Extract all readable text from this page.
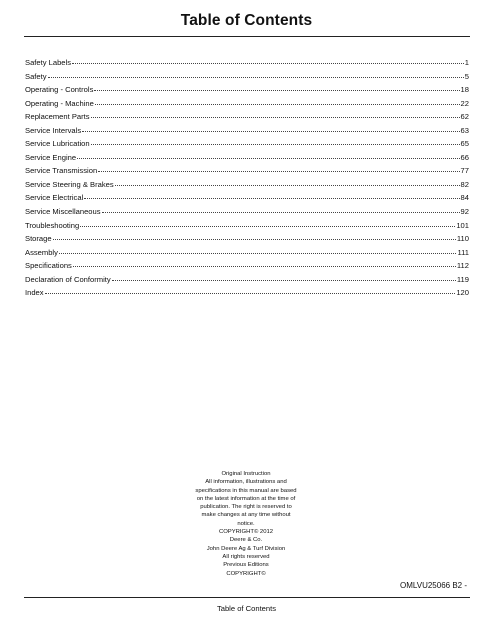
Table of Contents
Safety Labels	1
Safety	5
Operating - Controls	18
Operating - Machine	22
Replacement Parts	62
Service Intervals	63
Service Lubrication	65
Service Engine	66
Service Transmission	77
Service Steering & Brakes	82
Service Electrical	84
Service Miscellaneous	92
Troubleshooting	101
Storage	110
Assembly	111
Specifications	112
Declaration of Conformity	119
Index	120
Original Instruction
All information, illustrations and
specifications in this manual are based
on the latest information at the time of
publication. The right is reserved to
make changes at any time without
notice.
COPYRIGHT© 2012
Deere & Co.
John Deere Ag & Turf Division
All rights reserved
Previous Editions
COPYRIGHT©
OMLVU25066 B2 -
Table of Contents
